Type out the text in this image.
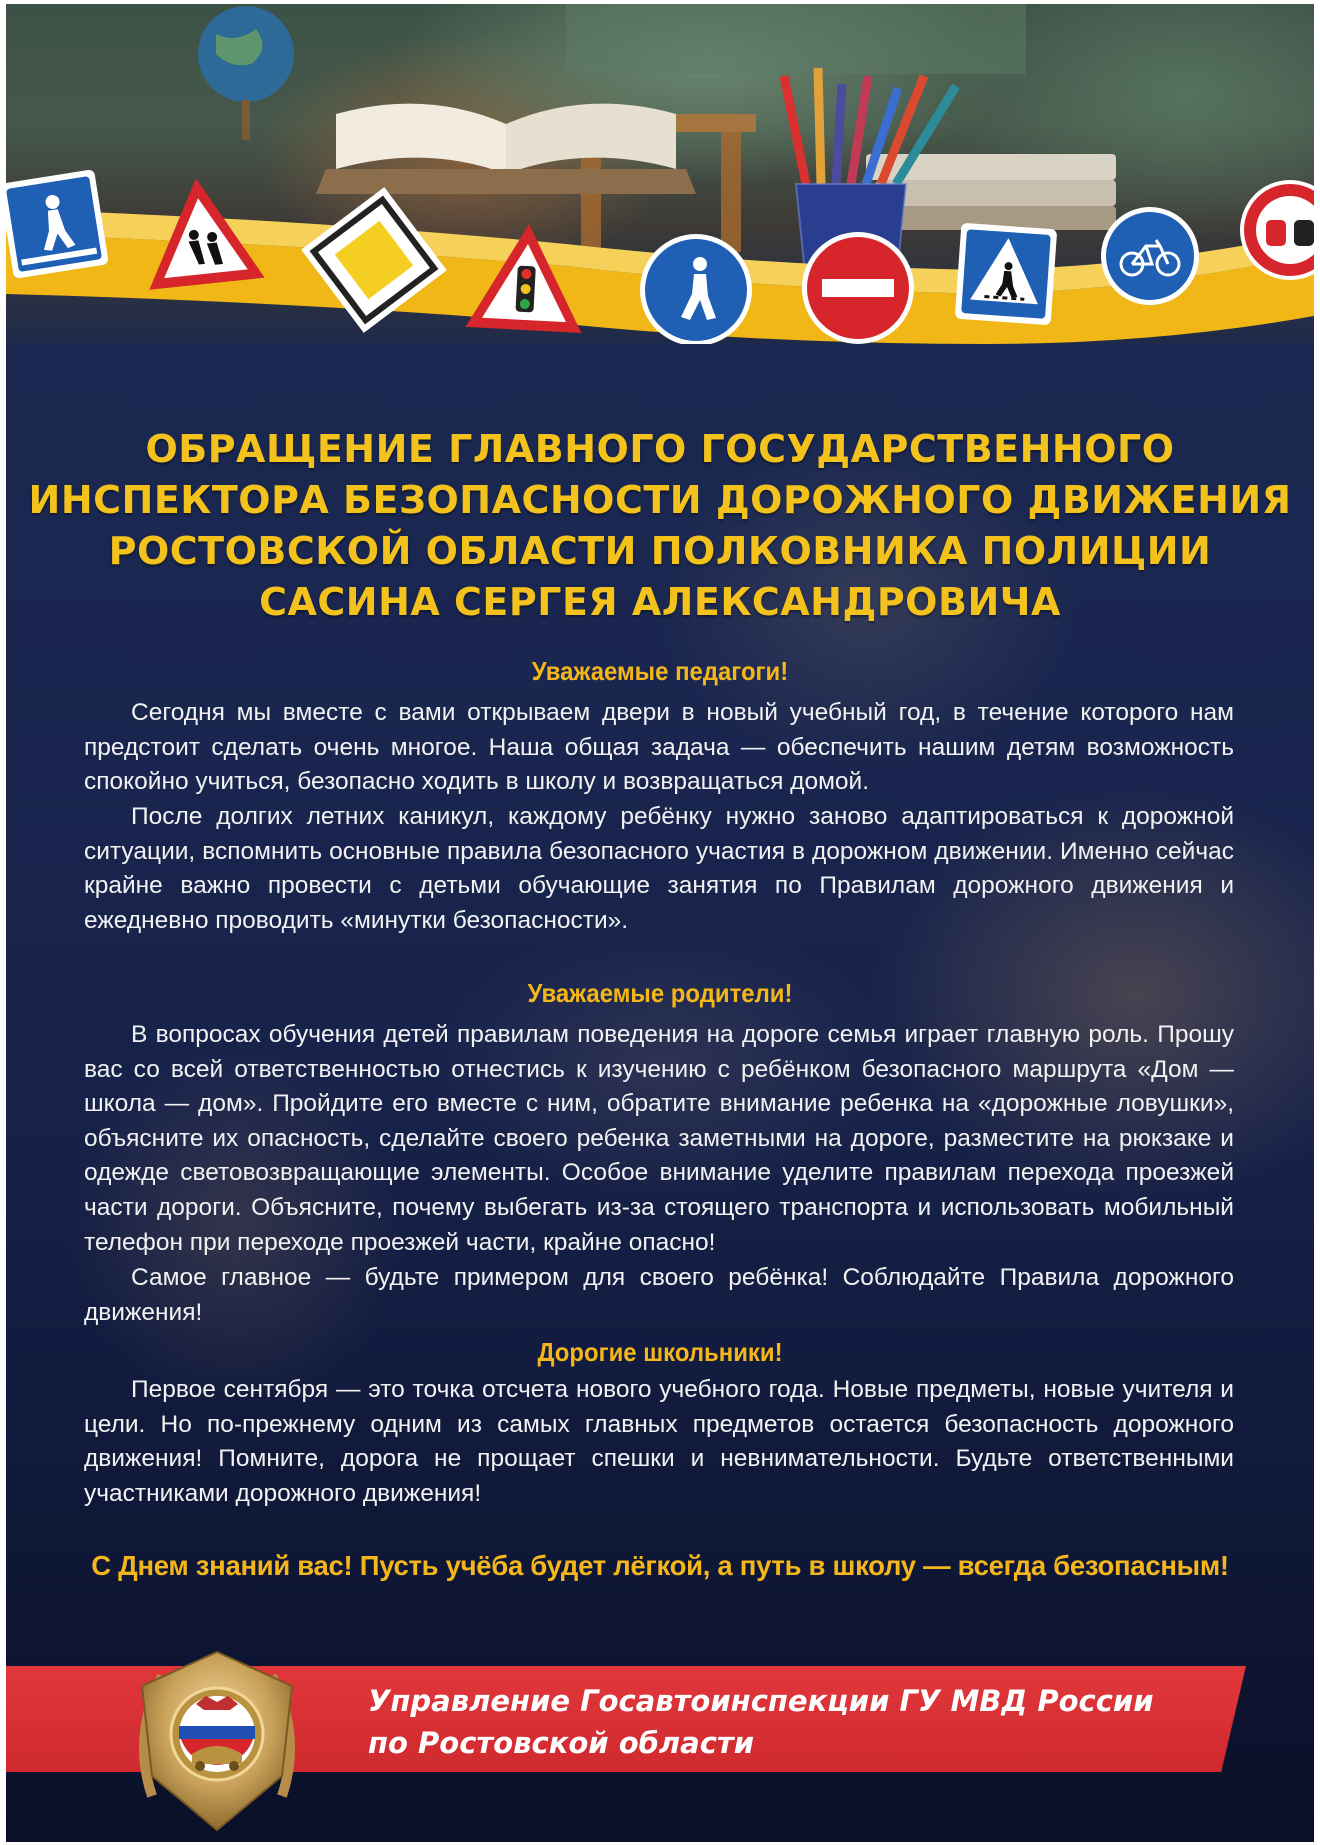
ОБРАЩЕНИЕ ГЛАВНОГО ГОСУДАРСТВЕННОГО
ИНСПЕКТОРА БЕЗОПАСНОСТИ ДОРОЖНОГО ДВИЖЕНИЯ
РОСТОВСКОЙ ОБЛАСТИ ПОЛКОВНИКА ПОЛИЦИИ
САСИНА СЕРГЕЯ АЛЕКСАНДРОВИЧА
Уважаемые педагоги!

Сегодня мы вместе с вами открываем двери в новый учебный год, в течение которого нам предстоит сделать очень многое. Наша общая задача — обеспечить нашим детям возможность спокойно учиться, безопасно ходить в школу и возвращаться домой.

После долгих летних каникул, каждому ребёнку нужно заново адаптироваться к дорожной ситуации, вспомнить основные правила безопасного участия в дорожном движении. Именно сейчас крайне важно провести с детьми обучающие занятия по Правилам дорожного движения и ежедневно проводить «минутки безопасности».

Уважаемые родители!

В вопросах обучения детей правилам поведения на дороге семья играет главную роль. Прошу вас со всей ответственностью отнестись к изучению с ребёнком безопасного маршрута «Дом — школа — дом». Пройдите его вместе с ним, обратите внимание ребенка на «дорожные ловушки», объясните их опасность, сделайте своего ребенка заметными на дороге, разместите на рюкзаке и одежде световозвращающие элементы. Особое внимание уделите правилам перехода проезжей части дороги. Объясните, почему выбегать из-за стоящего транспорта и использовать мобильный телефон при переходе проезжей части, крайне опасно!

Самое главное — будьте примером для своего ребёнка! Соблюдайте Правила дорожного движения!

Дорогие школьники!

Первое сентября — это точка отсчета нового учебного года. Новые предметы, новые учителя и цели. Но по-прежнему одним из самых главных предметов остается безопасность дорожного движения! Помните, дорога не прощает спешки и невнимательности. Будьте ответственными участниками дорожного движения!

С Днем знаний вас! Пусть учёба будет лёгкой, а путь в школу — всегда безопасным!
Управление Госавтоинспекции ГУ МВД России
по Ростовской области
